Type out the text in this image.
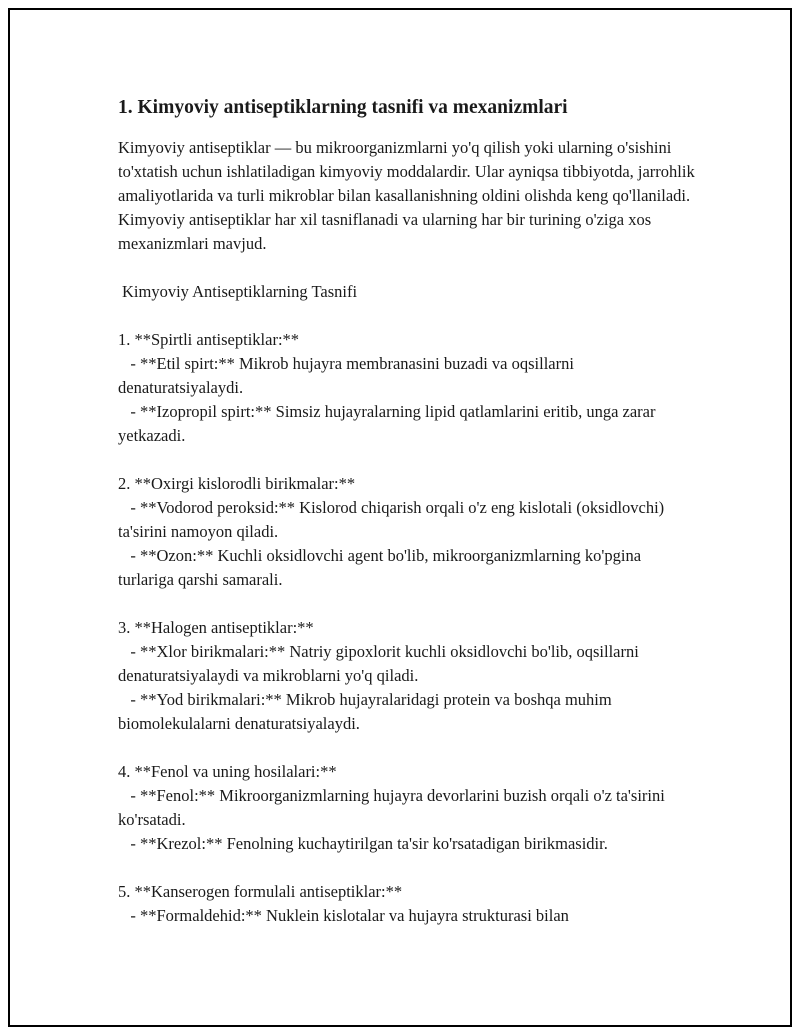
1. Kimyoviy antiseptiklarning tasnifi va mexanizmlari

Kimyoviy antiseptiklar — bu mikroorganizmlarni yo'q qilish yoki ularning o'sishini to'xtatish uchun ishlatiladigan kimyoviy moddalardir. Ular ayniqsa tibbiyotda, jarrohlik amaliyotlarida va turli mikroblar bilan kasallanishning oldini olishda keng qo'llaniladi. Kimyoviy antiseptiklar har xil tasniflanadi va ularning har bir turining o'ziga xos mexanizmlari mavjud.

Kimyoviy Antiseptiklarning Tasnifi

1. **Spirtli antiseptiklar:**
- **Etil spirt:** Mikrob hujayra membranasini buzadi va oqsillarni denaturatsiyalaydi.
- **Izopropil spirt:** Simsiz hujayralarning lipid qatlamlarini eritib, unga zarar yetkazadi.
2. **Oxirgi kislorodli birikmalar:**
- **Vodorod peroksid:** Kislorod chiqarish orqali o'z eng kislotali (oksidlovchi) ta'sirini namoyon qiladi.
- **Ozon:** Kuchli oksidlovchi agent bo'lib, mikroorganizmlarning ko'pgina turlariga qarshi samarali.
3. **Halogen antiseptiklar:**
- **Xlor birikmalari:** Natriy gipoxlorit kuchli oksidlovchi bo'lib, oqsillarni denaturatsiyalaydi va mikroblarni yo'q qiladi.
- **Yod birikmalari:** Mikrob hujayralaridagi protein va boshqa muhim biomolekulalarni denaturatsiyalaydi.
4. **Fenol va uning hosilalari:**
- **Fenol:** Mikroorganizmlarning hujayra devorlarini buzish orqali o'z ta'sirini ko'rsatadi.
- **Krezol:** Fenolning kuchaytirilgan ta'sir ko'rsatadigan birikmasidir.
5. **Kanserogen formulali antiseptiklar:**
- **Formaldehid:** Nuklein kislotalar va hujayra strukturasi bilan
